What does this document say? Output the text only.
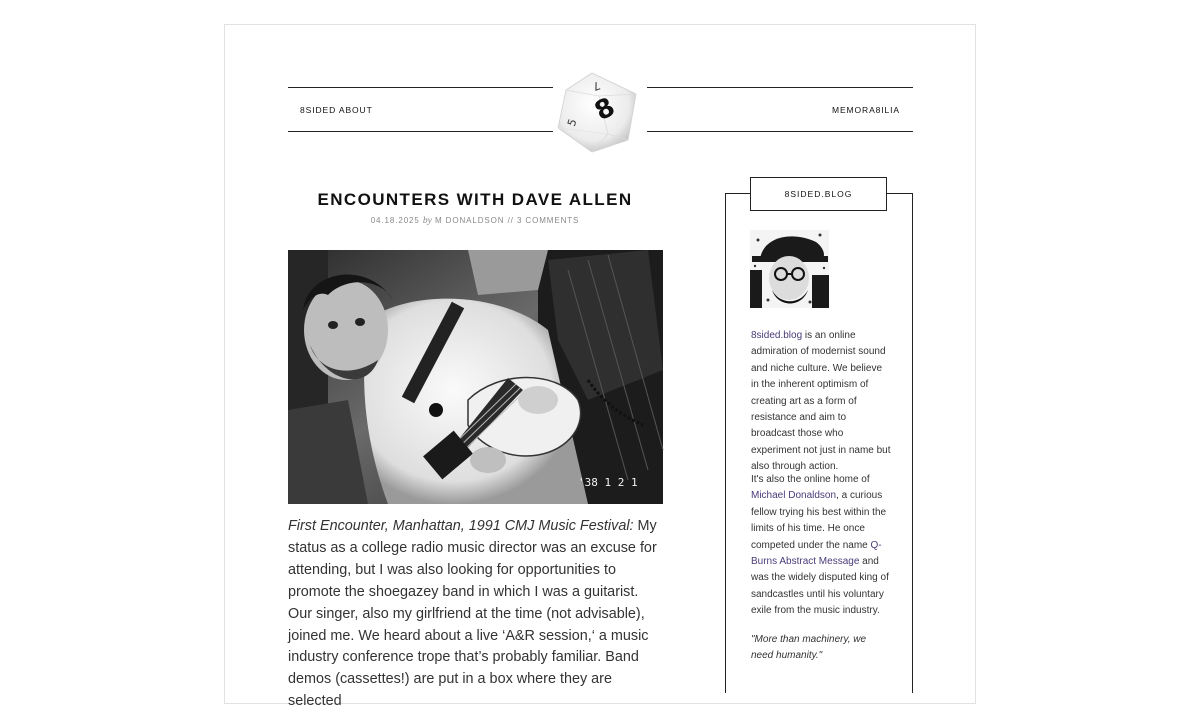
8SIDED ABOUT	MEMORA8ILIA
8
7
5
ENCOUNTERS WITH DAVE ALLEN
04.18.2025 by M DONALDSON // 3 COMMENTS
'38 1 2 1

First Encounter, Manhattan, 1991 CMJ Music Festival: My status as a college radio music director was an excuse for attending, but I was also looking for opportunities to promote the shoegazey band in which I was a guitarist. Our singer, also my girlfriend at the time (not advisable), joined me. We heard about a live ‘A&R session,‘ a music industry conference trope that’s probably familiar. Band demos (cassettes!) are put in a box where they are selected

8SIDED.BLOG

8sided.blog is an online admiration of modernist sound and niche culture. We believe in the inherent optimism of creating art as a form of resistance and aim to broadcast those who experiment not just in name but also through action.

It's also the online home of Michael Donaldson, a curious fellow trying his best within the limits of his time. He once competed under the name Q-Burns Abstract Message and was the widely disputed king of sandcastles until his voluntary exile from the music industry.

"More than machinery, we need humanity."
